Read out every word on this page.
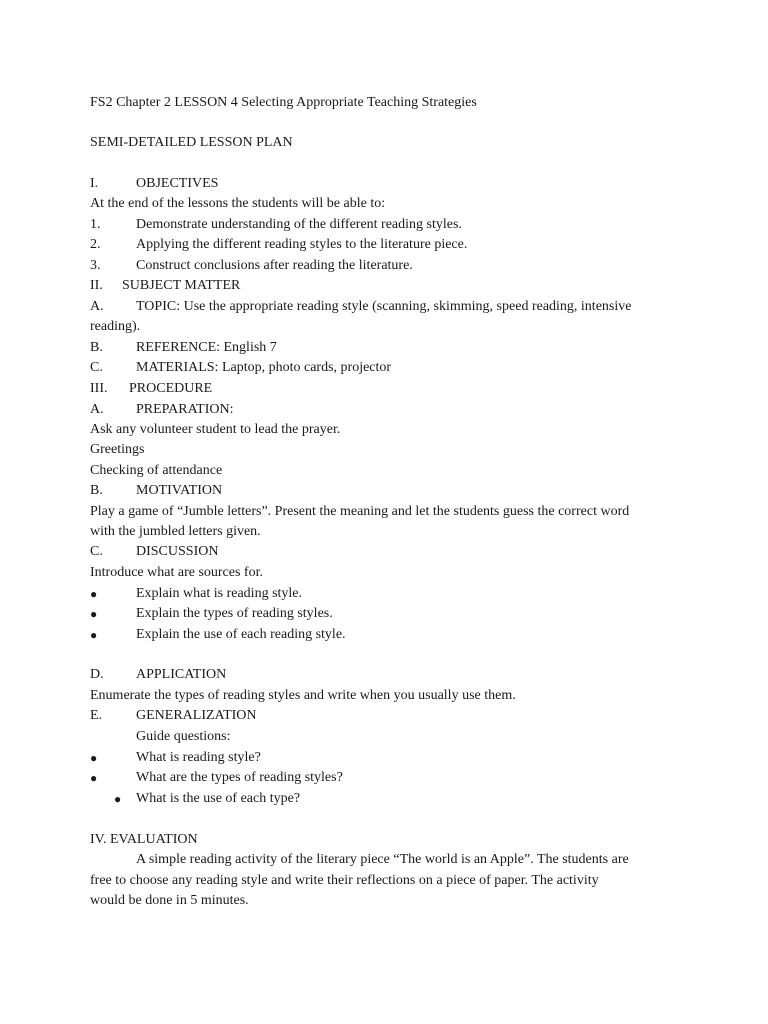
FS2 Chapter 2 LESSON 4 Selecting Appropriate Teaching Strategies
SEMI-DETAILED LESSON PLAN
I.	OBJECTIVES
At the end of the lessons the students will be able to:
1.	Demonstrate understanding of the different reading styles.
2.	Applying the different reading styles to the literature piece.
3.	Construct conclusions after reading the literature.
II. SUBJECT MATTER
A. TOPIC: Use the appropriate reading style (scanning, skimming, speed reading, intensive
reading).
B. REFERENCE: English 7
C. MATERIALS: Laptop, photo cards, projector
III. PROCEDURE
A. PREPARATION:
Ask any volunteer student to lead the prayer.
Greetings
Checking of attendance
B. MOTIVATION
Play a game of “Jumble letters”. Present the meaning and let the students guess the correct word
with the jumbled letters given.
C. DISCUSSION
Introduce what are sources for.
●	Explain what is reading style.
●	Explain the types of reading styles.
●	Explain the use of each reading style.
D. APPLICATION
Enumerate the types of reading styles and write when you usually use them.
E. GENERALIZATION
Guide questions:
●	What is reading style?
●	What are the types of reading styles?
● What is the use of each type?
IV. EVALUATION
A simple reading activity of the literary piece “The world is an Apple”. The students are
free to choose any reading style and write their reflections on a piece of paper. The activity
would be done in 5 minutes.
